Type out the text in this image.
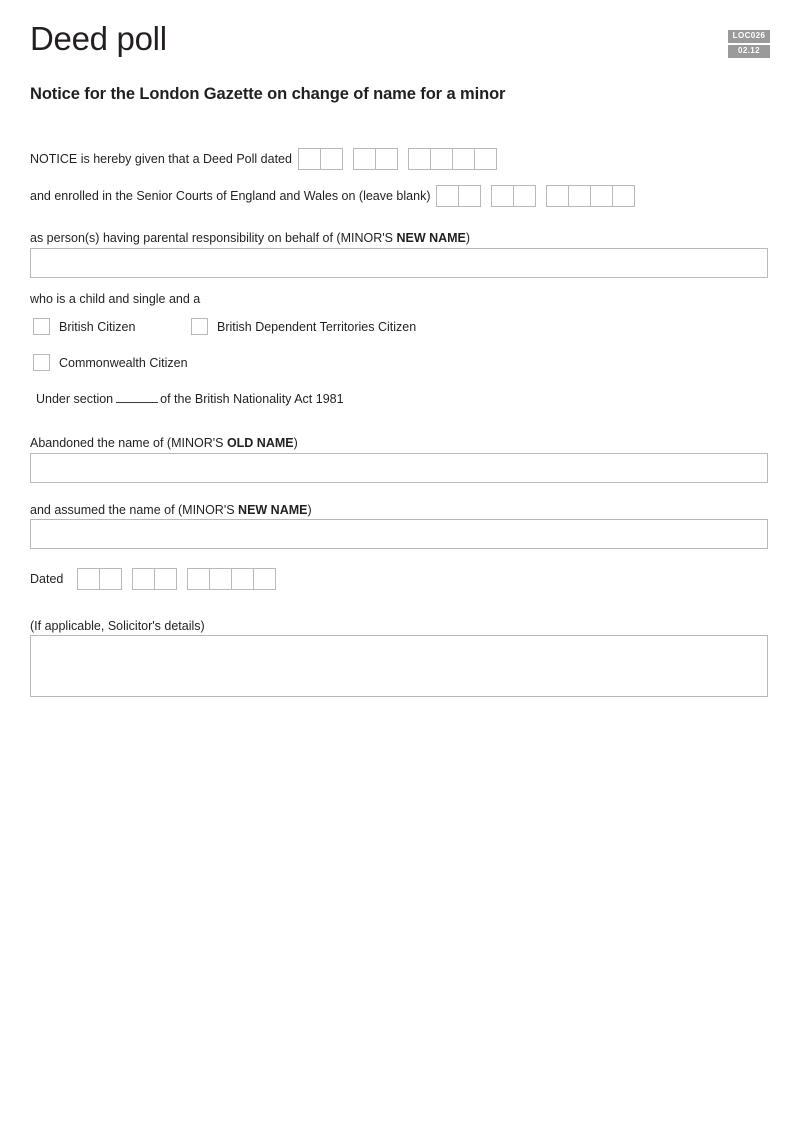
LOC026
02.12
Deed poll
Notice for the London Gazette on change of name for a minor
NOTICE is hereby given that a Deed Poll dated
and enrolled in the Senior Courts of England and Wales on (leave blank)
as person(s) having parental responsibility on behalf of (MINOR'S NEW NAME)
who is a child and single and a
British Citizen	British Dependent Territories Citizen
Commonwealth Citizen
Under section	of the British Nationality Act 1981
Abandoned the name of (MINOR'S OLD NAME)
and assumed the name of (MINOR'S NEW NAME)
Dated
(If applicable, Solicitor's details)
